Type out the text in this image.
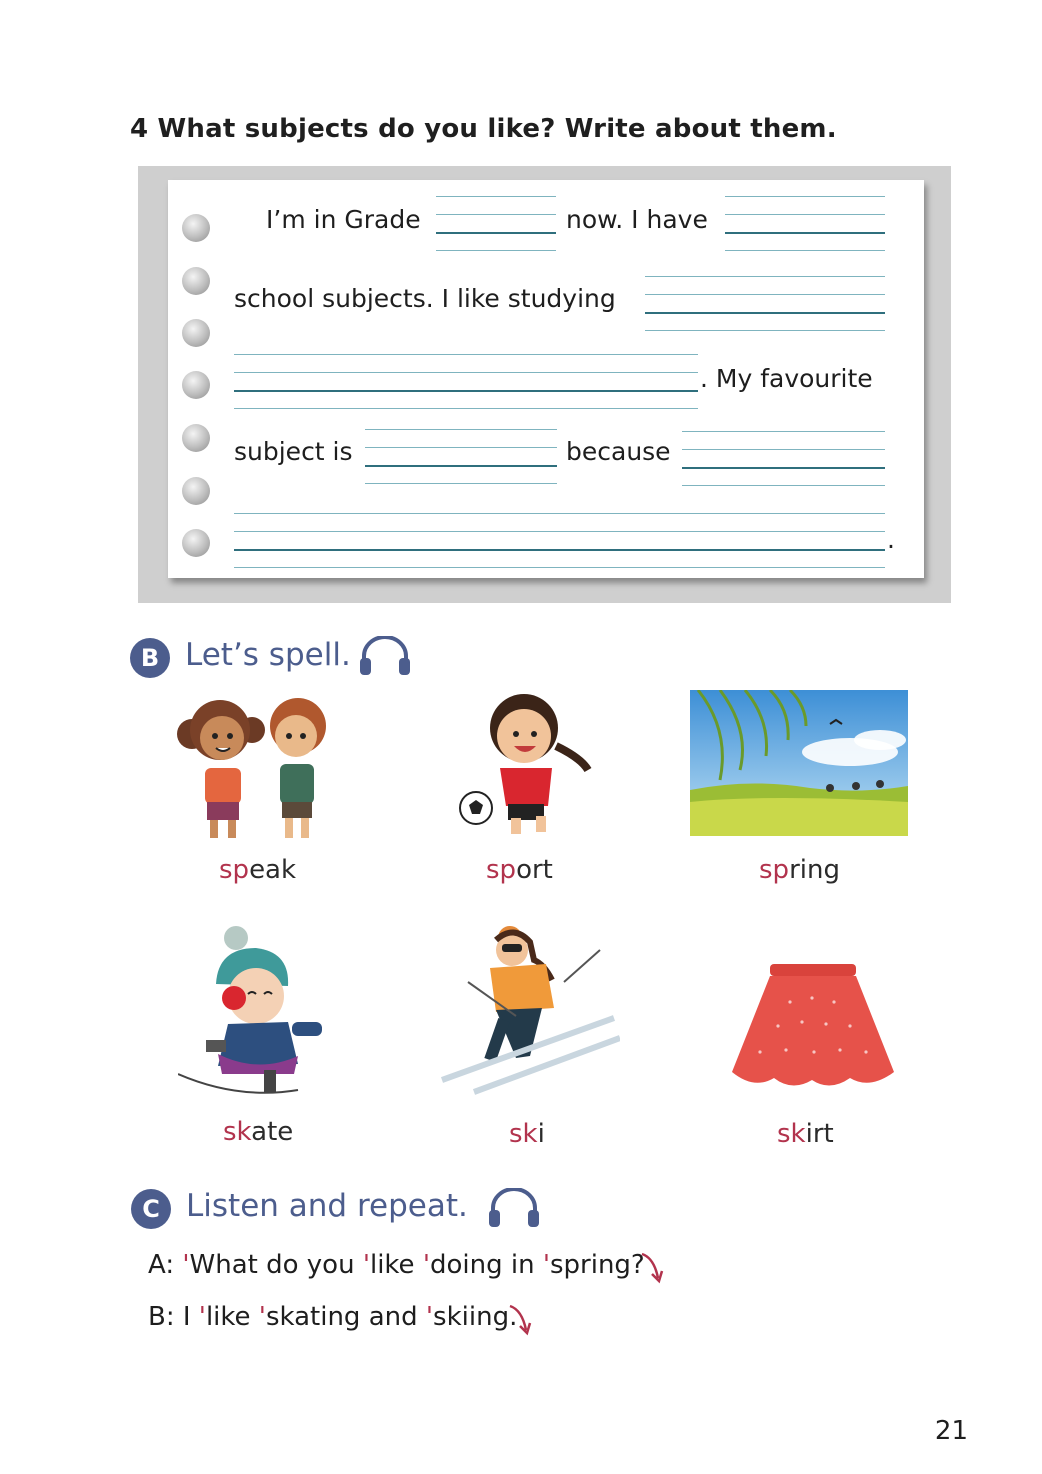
4 What subjects do you like? Write about them.
I’m in Grade	now. I have
school subjects. I like studying
. My favourite
subject is	because
.
B Let’s spell.
speak	sport	spring
skate	ski	skirt
C Listen and repeat.
A: 'What do you 'like 'doing in 'spring?
B: I 'like 'skating and 'skiing.
21
